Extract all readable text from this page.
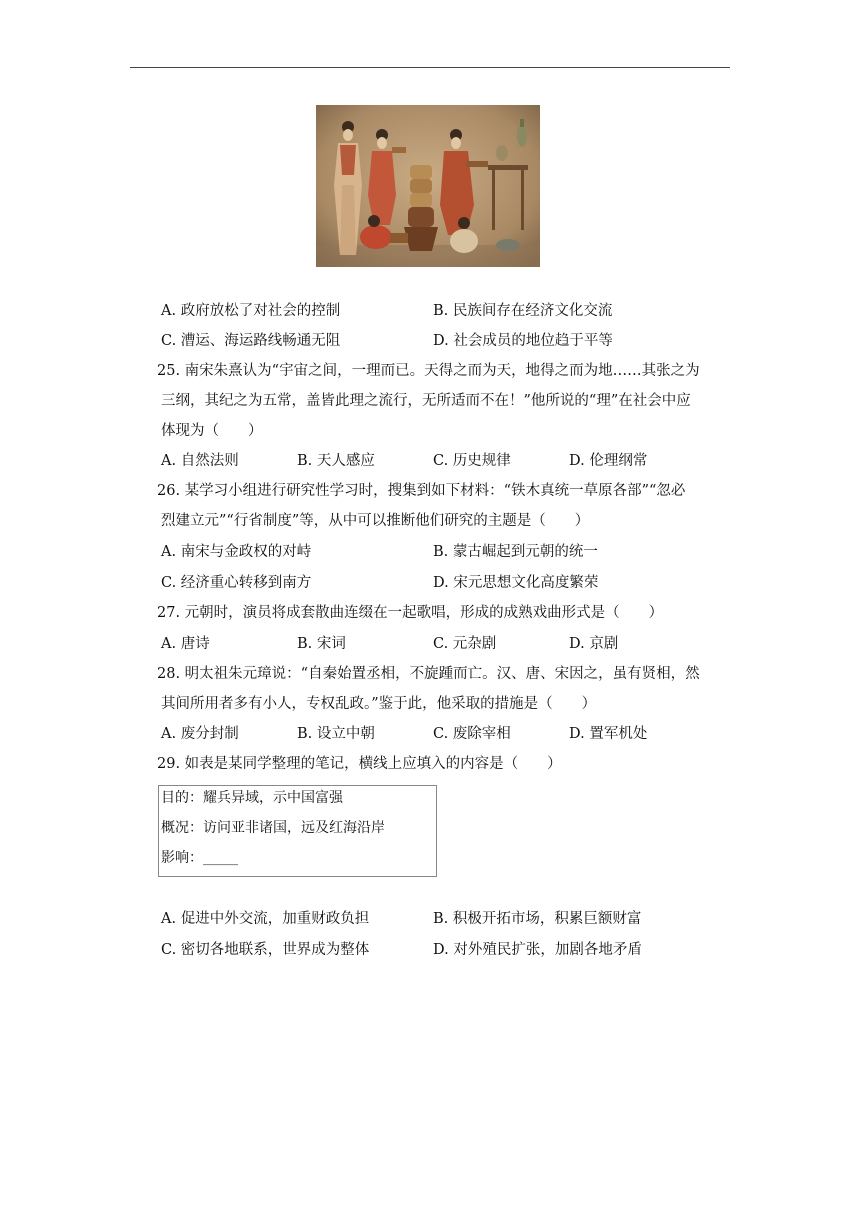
A. 政府放松了对社会的控制	B. 民族间存在经济文化交流
C. 漕运、海运路线畅通无阻	D. 社会成员的地位趋于平等
25. 南宋朱熹认为“宇宙之间，一理而已。天得之而为天，地得之而为地……其张之为
三纲，其纪之为五常，盖皆此理之流行，无所适而不在！”他所说的“理”在社会中应
体现为（　　）
A. 自然法则	B. 天人感应	C. 历史规律	D. 伦理纲常
26. 某学习小组进行研究性学习时，搜集到如下材料：“铁木真统一草原各部”“忽必
烈建立元”“行省制度”等，从中可以推断他们研究的主题是（　　）
A. 南宋与金政权的对峙	B. 蒙古崛起到元朝的统一
C. 经济重心转移到南方	D. 宋元思想文化高度繁荣
27. 元朝时，演员将成套散曲连缀在一起歌唱，形成的成熟戏曲形式是（　　）
A. 唐诗	B. 宋词	C. 元杂剧	D. 京剧
28. 明太祖朱元璋说：“自秦始置丞相，不旋踵而亡。汉、唐、宋因之，虽有贤相，然
其间所用者多有小人，专权乱政。”鉴于此，他采取的措施是（　　）
A. 废分封制	B. 设立中朝	C. 废除宰相	D. 置军机处
29. 如表是某同学整理的笔记，横线上应填入的内容是（　　）
目的：耀兵异域，示中国富强
概况：访问亚非诸国，远及红海沿岸
影响：_____
A. 促进中外交流，加重财政负担	B. 积极开拓市场，积累巨额财富
C. 密切各地联系，世界成为整体	D. 对外殖民扩张，加剧各地矛盾
